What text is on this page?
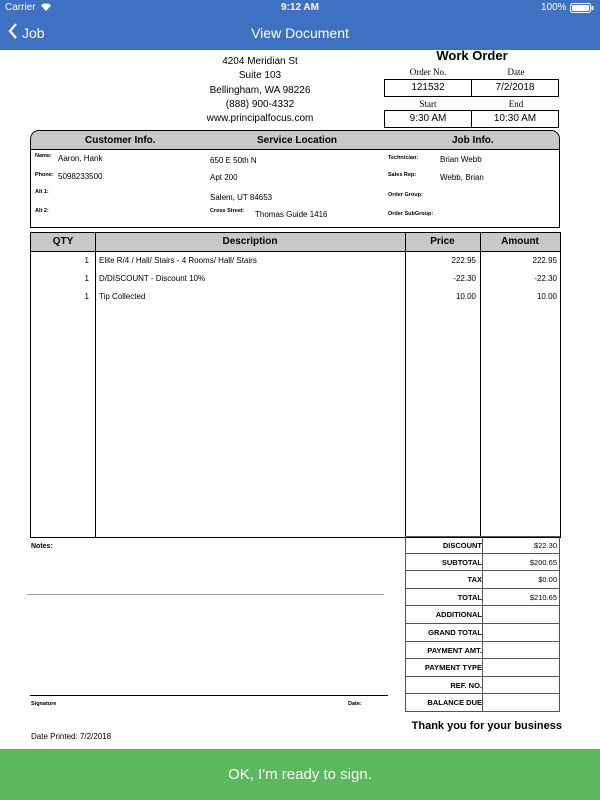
Carrier	9:12 AM	100%
Job	View Document
4204 Meridian St
Suite 103
Bellingham, WA 98226
(888) 900-4332
www.principalfocus.com
Work Order
Order No.	Date
121532	7/2/2018
Start	End
9:30 AM	10:30 AM
Customer Info.	Service Location	Job Info.
Name: Aaron, Hank
Phone: 5098233500
Alt 1:
Alt 2:
650 E 50th N
Apt 200
Salem, UT 84653
Cross Street: Thomas Guide 1416
Technician:	Brian Webb
Sales Rep:	Webb, Brian
Order Group:
Order SubGroup:
QTY	Description	Price	Amount
1 Elite R/4 / Hall/ Stairs - 4 Rooms/ Hall/ Stairs	222.95	222.95
1 D/DISCOUNT - Discount 10%	-22.30	-22.30
1 Tip Collected	10.00	10.00
Notes:	DISCOUNT	$22.30
SUBTOTAL	$200.65
TAX	$0.00
TOTAL	$210.65
ADDITIONAL
GRAND TOTAL
PAYMENT AMT.
PAYMENT TYPE
REF. NO.
BALANCE DUE
Signature	Date:
Thank you for your business
Date Printed: 7/2/2018
OK, I'm ready to sign.
